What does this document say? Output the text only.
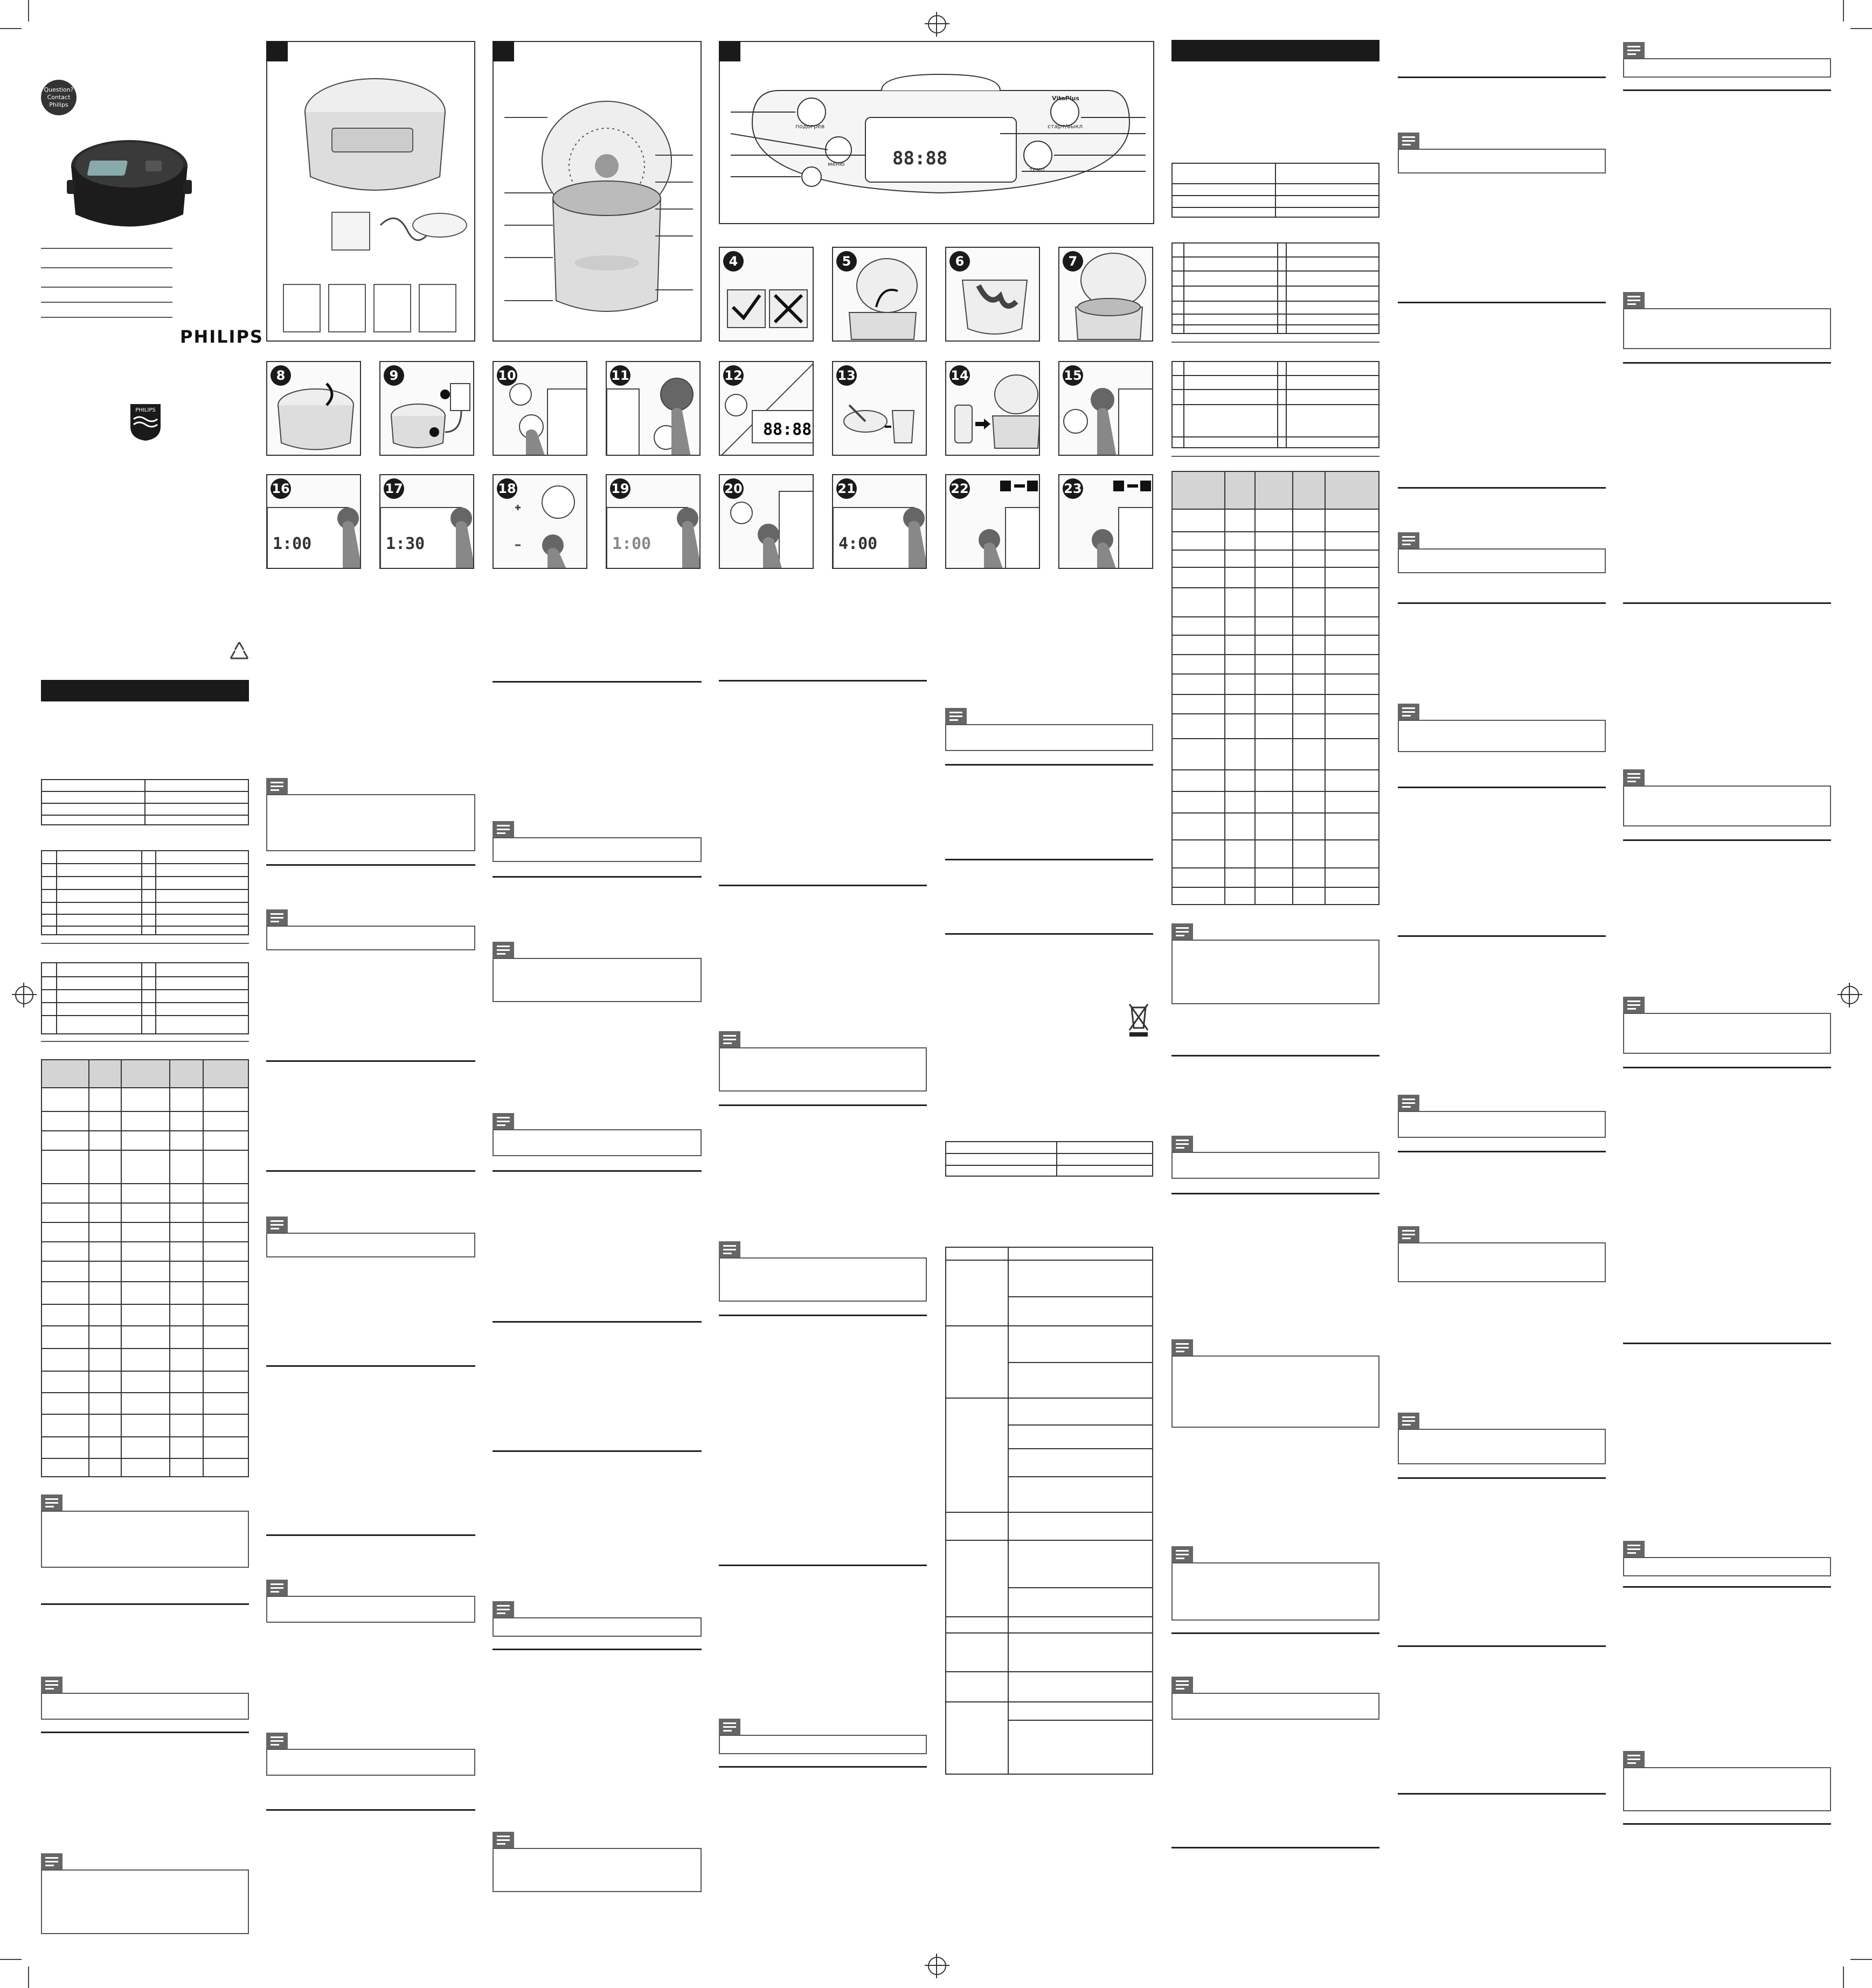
Question?
Contact
Philips
PHILIPS
PHILIPS
подогрев
меню
VitaPlus
старт/выкл
темп
88:88
4	5	6	7
8	9	10	11	12
88:88
13	14	15
16
1:00
17
1:30
18	19
1:00
20	21
4:00
22	23
